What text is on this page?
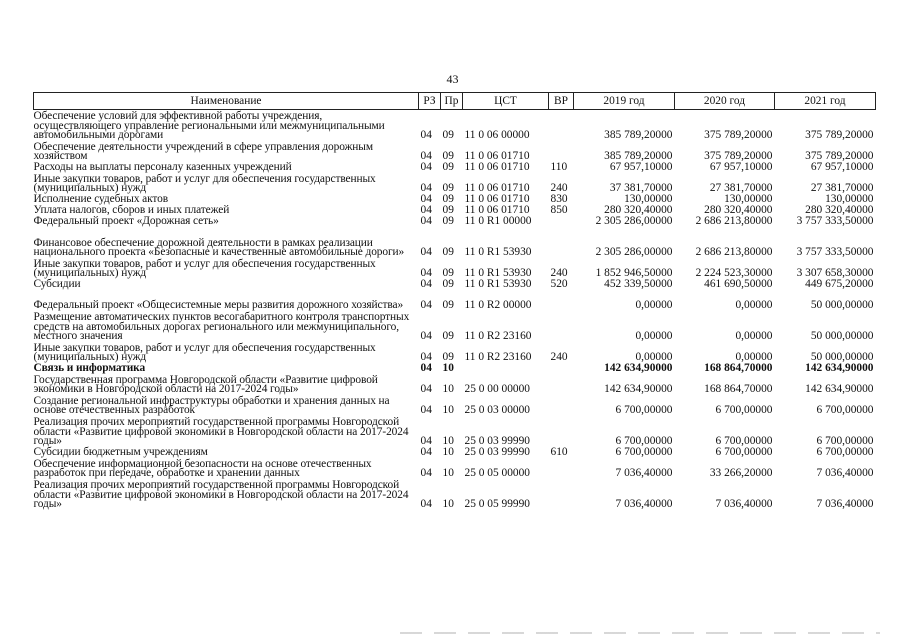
43
Наименование	РЗ	Пр	ЦСТ	ВР	2019 год	2020 год	2021 год
Обеспечение условий для эффективной работы учреждения, осуществляющего управление региональными или межмуниципальными автомобильными дорогами	04	09	11 0 06 00000		385 789,20000	375 789,20000	375 789,20000
Обеспечение деятельности учреждений в сфере управления дорожным хозяйством	04	09	11 0 06 01710		385 789,20000	375 789,20000	375 789,20000
Расходы на выплаты персоналу казенных учреждений	04	09	11 0 06 01710	110	67 957,10000	67 957,10000	67 957,10000
Иные закупки товаров, работ и услуг для обеспечения государственных (муниципальных) нужд	04	09	11 0 06 01710	240	37 381,70000	27 381,70000	27 381,70000
Исполнение судебных актов	04	09	11 0 06 01710	830	130,00000	130,00000	130,00000
Уплата налогов, сборов и иных платежей	04	09	11 0 06 01710	850	280 320,40000	280 320,40000	280 320,40000
Федеральный проект «Дорожная сеть»	04	09	11 0 R1 00000		2 305 286,00000	2 686 213,80000	3 757 333,50000
Финансовое обеспечение дорожной деятельности в рамках реализации национального проекта «Безопасные и качественные автомобильные дороги»	04	09	11 0 R1 53930		2 305 286,00000	2 686 213,80000	3 757 333,50000
Иные закупки товаров, работ и услуг для обеспечения государственных (муниципальных) нужд	04	09	11 0 R1 53930	240	1 852 946,50000	2 224 523,30000	3 307 658,30000
Субсидии	04	09	11 0 R1 53930	520	452 339,50000	461 690,50000	449 675,20000
Федеральный проект «Общесистемные меры развития дорожного хозяйства»	04	09	11 0 R2 00000		0,00000	0,00000	50 000,00000
Размещение автоматических пунктов весогабаритного контроля транспортных средств на автомобильных дорогах регионального или межмуниципального, местного значения	04	09	11 0 R2 23160		0,00000	0,00000	50 000,00000
Иные закупки товаров, работ и услуг для обеспечения государственных (муниципальных) нужд	04	09	11 0 R2 23160	240	0,00000	0,00000	50 000,00000
Связь и информатика	04	10			142 634,90000	168 864,70000	142 634,90000
Государственная программа Новгородской области «Развитие цифровой экономики в Новгородской области на 2017-2024 годы»	04	10	25 0 00 00000		142 634,90000	168 864,70000	142 634,90000
Создание региональной инфраструктуры обработки и хранения данных на основе отечественных разработок	04	10	25 0 03 00000		6 700,00000	6 700,00000	6 700,00000
Реализация прочих мероприятий государственной программы Новгородской области «Развитие цифровой экономики в Новгородской области на 2017-2024 годы»	04	10	25 0 03 99990		6 700,00000	6 700,00000	6 700,00000
Субсидии бюджетным учреждениям	04	10	25 0 03 99990	610	6 700,00000	6 700,00000	6 700,00000
Обеспечение информационной безопасности на основе отечественных разработок при передаче, обработке и хранении данных	04	10	25 0 05 00000		7 036,40000	33 266,20000	7 036,40000
Реализация прочих мероприятий государственной программы Новгородской области «Развитие цифровой экономики в Новгородской области на 2017-2024 годы»	04	10	25 0 05 99990		7 036,40000	7 036,40000	7 036,40000
